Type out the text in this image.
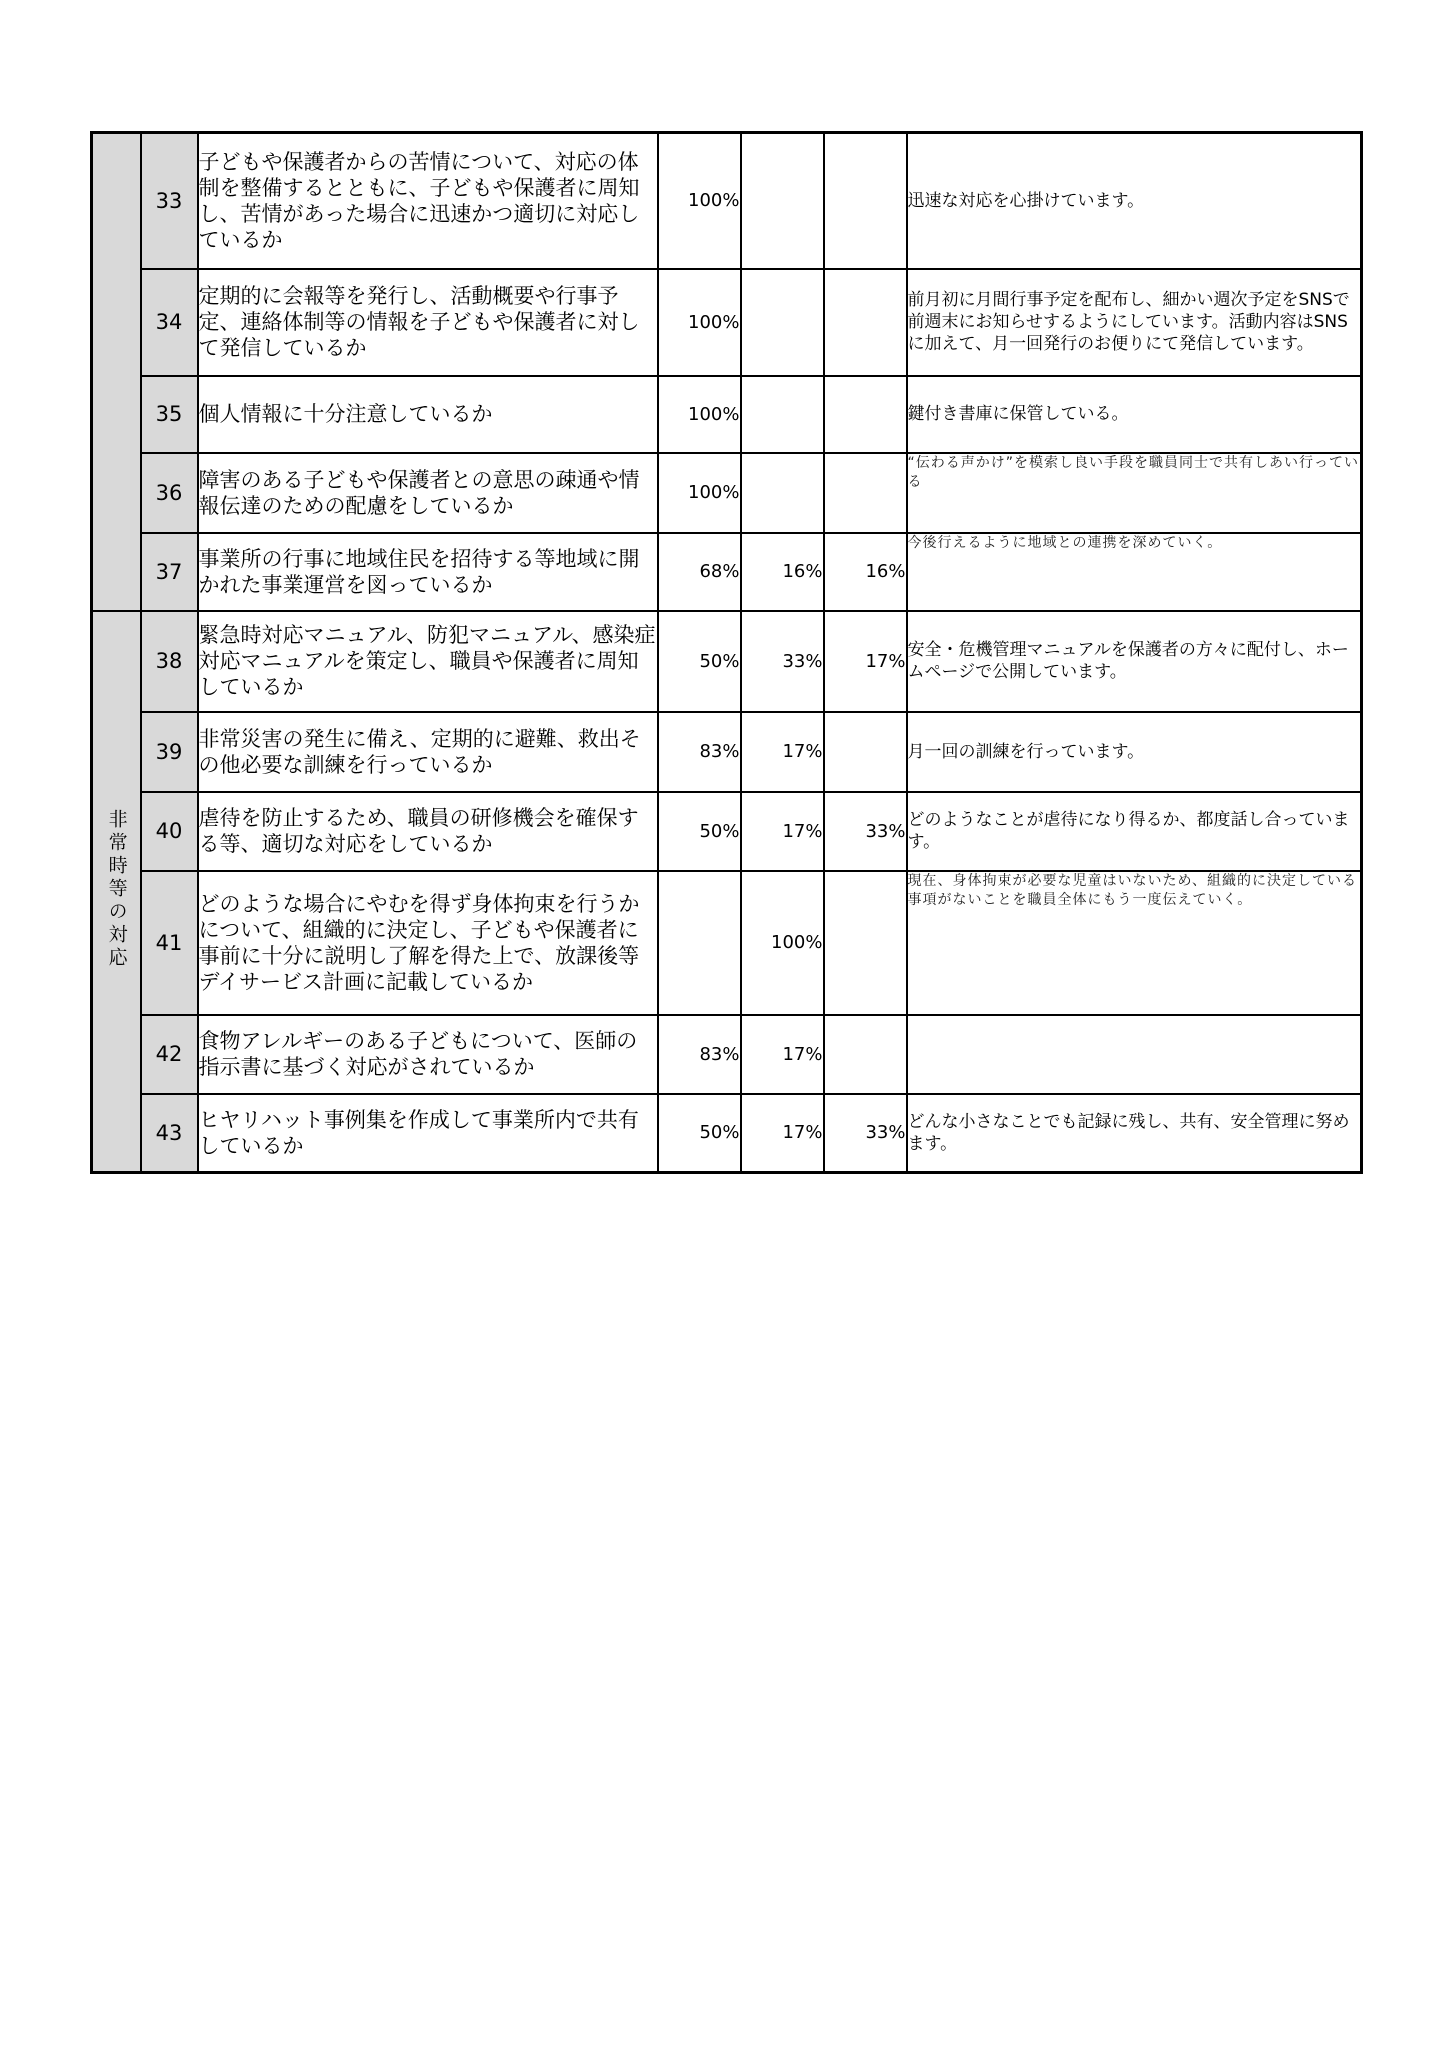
	33	子どもや保護者からの苦情について、対応の体制を整備するとともに、子どもや保護者に周知し、苦情があった場合に迅速かつ適切に対応しているか	100%			迅速な対応を心掛けています。
	34	定期的に会報等を発行し、活動概要や行事予定、連絡体制等の情報を子どもや保護者に対して発信しているか	100%			前月初に月間行事予定を配布し、細かい週次予定をSNSで前週末にお知らせするようにしています。活動内容はSNSに加えて、月一回発行のお便りにて発信しています。
	35	個人情報に十分注意しているか	100%			鍵付き書庫に保管している。
	36	障害のある子どもや保護者との意思の疎通や情報伝達のための配慮をしているか	100%			“伝わる声かけ”を模索し良い手段を職員同士で共有しあい行っている
	37	事業所の行事に地域住民を招待する等地域に開かれた事業運営を図っているか	68%	16%	16%	今後行えるように地域との連携を深めていく。
非常時等の対応	38	緊急時対応マニュアル、防犯マニュアル、感染症対応マニュアルを策定し、職員や保護者に周知しているか	50%	33%	17%	安全・危機管理マニュアルを保護者の方々に配付し、ホームページで公開しています。
	39	非常災害の発生に備え、定期的に避難、救出その他必要な訓練を行っているか	83%	17%		月一回の訓練を行っています。
	40	虐待を防止するため、職員の研修機会を確保する等、適切な対応をしているか	50%	17%	33%	どのようなことが虐待になり得るか、都度話し合っています。
	41	どのような場合にやむを得ず身体拘束を行うかについて、組織的に決定し、子どもや保護者に事前に十分に説明し了解を得た上で、放課後等デイサービス計画に記載しているか		100%		現在、身体拘束が必要な児童はいないため、組織的に決定している事項がないことを職員全体にもう一度伝えていく。
	42	食物アレルギーのある子どもについて、医師の指示書に基づく対応がされているか	83%	17%		
	43	ヒヤリハット事例集を作成して事業所内で共有しているか	50%	17%	33%	どんな小さなことでも記録に残し、共有、安全管理に努めます。
